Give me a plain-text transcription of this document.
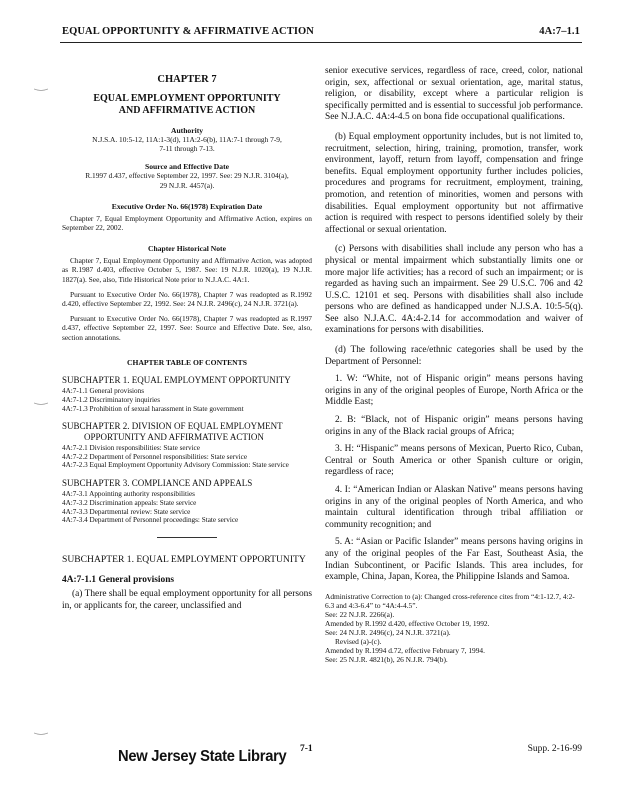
EQUAL OPPORTUNITY & AFFIRMATIVE ACTION	4A:7–1.1
CHAPTER 7
EQUAL EMPLOYMENT OPPORTUNITY
AND AFFIRMATIVE ACTION
Authority
N.J.S.A. 10:5-12, 11A:1-3(d), 11A:2-6(b), 11A:7-1 through 7-9, 7-11 through 7-13.
Source and Effective Date
R.1997 d.437, effective September 22, 1997. See: 29 N.J.R. 3104(a), 29 N.J.R. 4457(a).
Executive Order No. 66(1978) Expiration Date
Chapter 7, Equal Employment Opportunity and Affirmative Action, expires on September 22, 2002.
Chapter Historical Note
Chapter 7, Equal Employment Opportunity and Affirmative Action, was adopted as R.1987 d.403, effective October 5, 1987. See: 19 N.J.R. 1020(a), 19 N.J.R. 1827(a). See, also, Title Historical Note prior to N.J.A.C. 4A:1.
Pursuant to Executive Order No. 66(1978), Chapter 7 was readopted as R.1992 d.420, effective September 22, 1992. See: 24 N.J.R. 2496(c), 24 N.J.R. 3721(a).
Pursuant to Executive Order No. 66(1978), Chapter 7 was readopted as R.1997 d.437, effective September 22, 1997. See: Source and Effective Date. See, also, section annotations.
CHAPTER TABLE OF CONTENTS
SUBCHAPTER 1. EQUAL EMPLOYMENT OPPORTUNITY
4A:7-1.1 General provisions
4A:7-1.2 Discriminatory inquiries
4A:7-1.3 Prohibition of sexual harassment in State government
SUBCHAPTER 2. DIVISION OF EQUAL EMPLOYMENT OPPORTUNITY AND AFFIRMATIVE ACTION
4A:7-2.1 Division responsibilities: State service
4A:7-2.2 Department of Personnel responsibilities: State service
4A:7-2.3 Equal Employment Opportunity Advisory Commission: State service
SUBCHAPTER 3. COMPLIANCE AND APPEALS
4A:7-3.1 Appointing authority responsibilities
4A:7-3.2 Discrimination appeals: State service
4A:7-3.3 Departmental review: State service
4A:7-3.4 Department of Personnel proceedings: State service
SUBCHAPTER 1. EQUAL EMPLOYMENT OPPORTUNITY
4A:7-1.1 General provisions
(a) There shall be equal employment opportunity for all persons in, or applicants for, the career, unclassified and
senior executive services, regardless of race, creed, color, national origin, sex, affectional or sexual orientation, age, marital status, religion, or disability, except where a particular religion is specifically permitted and is essential to successful job performance. See N.J.A.C. 4A:4-4.5 on bona fide occupational qualifications.
(b) Equal employment opportunity includes, but is not limited to, recruitment, selection, hiring, training, promotion, transfer, work environment, layoff, return from layoff, compensation and fringe benefits. Equal employment opportunity further includes policies, procedures and programs for recruitment, employment, training, promotion, and retention of minorities, women and persons with disabilities. Equal employment opportunity but not affirmative action is required with respect to persons identified solely by their affectional or sexual orientation.
(c) Persons with disabilities shall include any person who has a physical or mental impairment which substantially limits one or more major life activities; has a record of such an impairment; or is regarded as having such an impairment. See 29 U.S.C. 706 and 42 U.S.C. 12101 et seq. Persons with disabilities shall also include persons who are defined as handicapped under N.J.S.A. 10:5-5(q). See also N.J.A.C. 4A:4-2.14 for accommodation and waiver of examinations for persons with disabilities.
(d) The following race/ethnic categories shall be used by the Department of Personnel:
1. W: “White, not of Hispanic origin” means persons having origins in any of the original peoples of Europe, North Africa or the Middle East;
2. B: “Black, not of Hispanic origin” means persons having origins in any of the Black racial groups of Africa;
3. H: “Hispanic” means persons of Mexican, Puerto Rico, Cuban, Central or South America or other Spanish culture or origin, regardless of race;
4. I: “American Indian or Alaskan Native” means persons having origins in any of the original peoples of North America, and who maintain cultural identification through tribal affiliation or community recognition; and
5. A: “Asian or Pacific Islander” means persons having origins in any of the original peoples of the Far East, Southeast Asia, the Indian Subcontinent, or Pacific Islands. This area includes, for example, China, Japan, Korea, the Philippine Islands and Samoa.
Administrative Correction to (a): Changed cross-reference cites from “4:1-12.7, 4:2-6.3 and 4:3-6.4” to “4A:4-4.5”.
See: 22 N.J.R. 2266(a).
Amended by R.1992 d.420, effective October 19, 1992.
See: 24 N.J.R. 2496(c), 24 N.J.R. 3721(a).
Revised (a)-(c).
Amended by R.1994 d.72, effective February 7, 1994.
See: 25 N.J.R. 4821(b), 26 N.J.R. 794(b).
New Jersey State Library 7-1	Supp. 2-16-99
